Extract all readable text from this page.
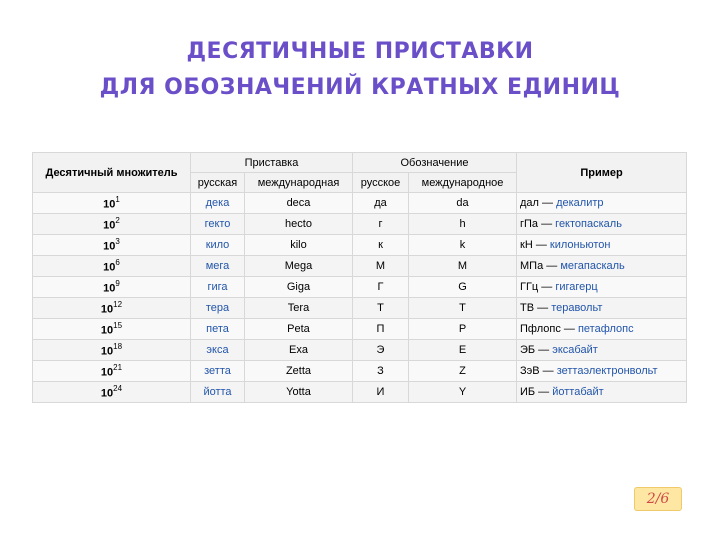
ДЕСЯТИЧНЫЕ ПРИСТАВКИ
ДЛЯ ОБОЗНАЧЕНИЙ КРАТНЫХ ЕДИНИЦ
Десятичный множитель	Приставка		Обозначение		Пример
	русская	международная	русское	международное	
$10^1$	дека	deca	да	da	дал — декалитр
$10^2$	гекто	hecto	г	h	гПа — гектопаскаль
$10^3$	кило	kilo	к	k	кН — килоньютон
$10^6$	мега	Mega	М	M	МПа — мегапаскаль
$10^9$	гига	Giga	Г	G	ГГц — гигагерц
$10^{12}$	тера	Tera	Т	T	ТВ — теравольт
$10^{15}$	пета	Peta	П	P	Пфлопс — петафлопс
$10^{18}$	экса	Exa	Э	E	ЭБ — эксабайт
$10^{21}$	зетта	Zetta	З	Z	ЗэВ — зеттаэлектронвольт
$10^{24}$	йотта	Yotta	И	Y	ИБ — йоттабайт
2/6
